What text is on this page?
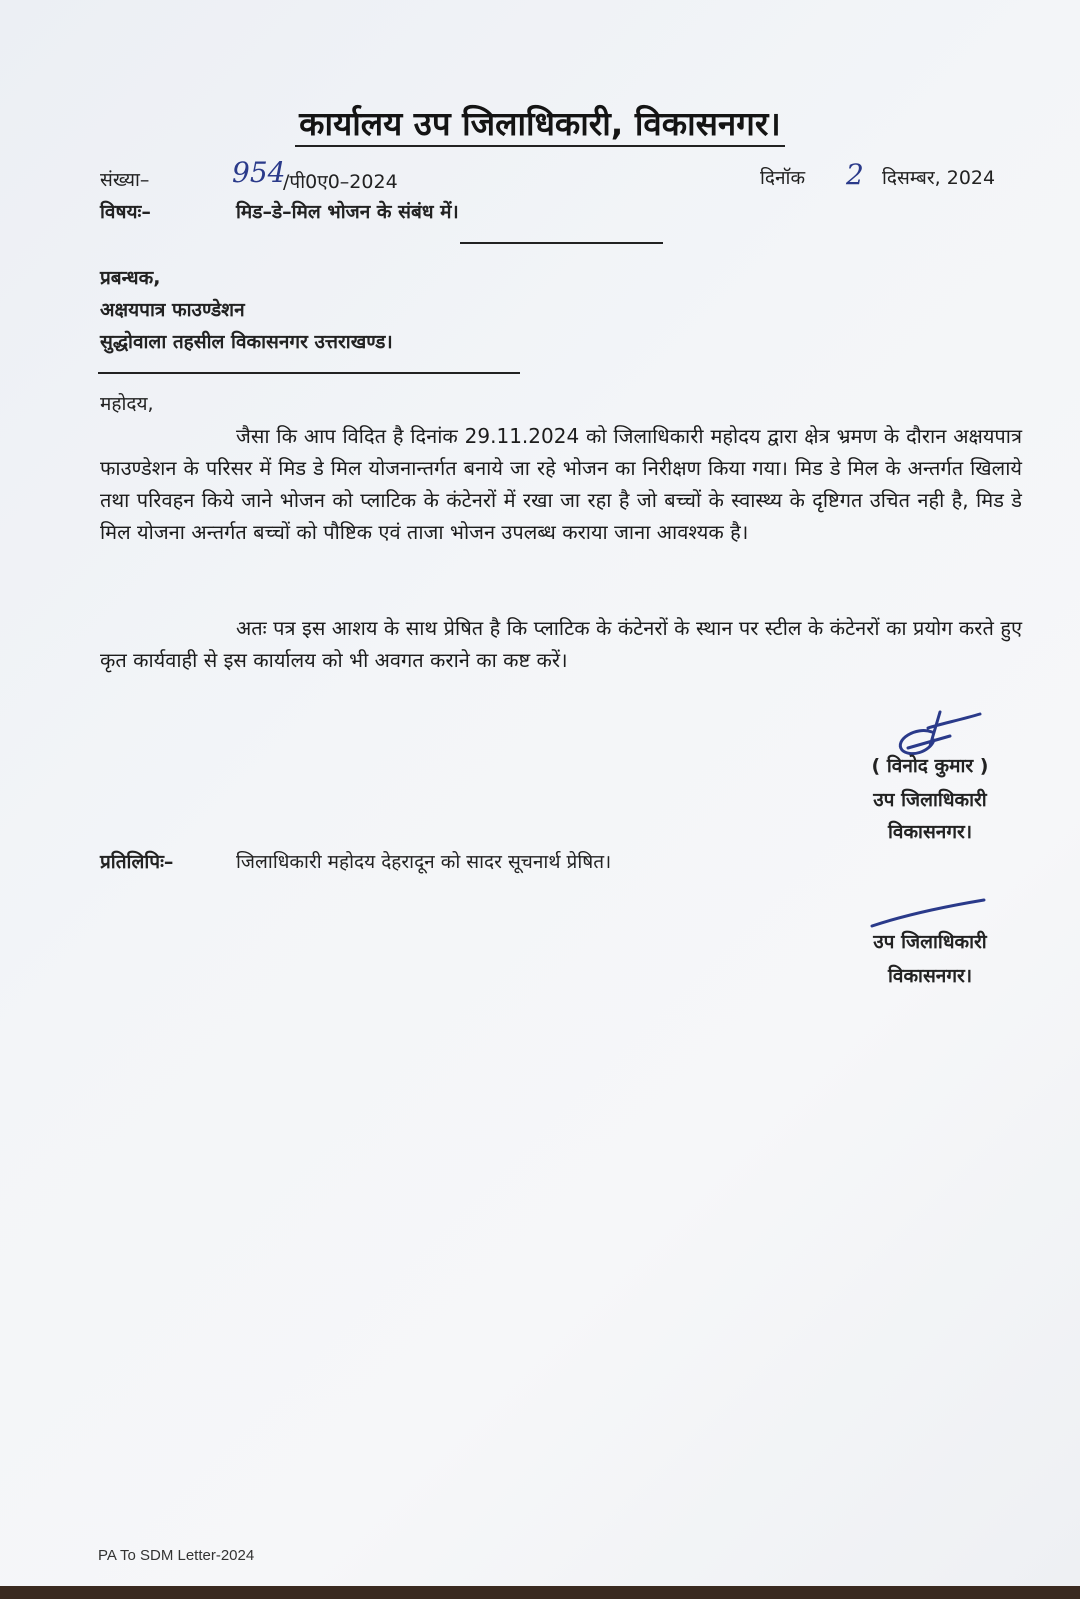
कार्यालय उप जिलाधिकारी, विकासनगर।
संख्या–	954
/पी0ए0–2024	दिनॉक 2 दिसम्बर, 2024
विषयः–	मिड–डे–मिल भोजन के संबंध में।
प्रबन्धक,
अक्षयपात्र फाउण्डेशन
सुद्धोवाला तहसील विकासनगर उत्तराखण्ड।
महोदय,

जैसा कि आप विदित है दिनांक 29.11.2024 को जिलाधिकारी महोदय द्वारा क्षेत्र भ्रमण के दौरान अक्षयपात्र फाउण्डेशन के परिसर में मिड डे मिल योजनान्तर्गत बनाये जा रहे भोजन का निरीक्षण किया गया। मिड डे मिल के अन्तर्गत खिलाये तथा परिवहन किये जाने भोजन को प्लाटिक के कंटेनरों में रखा जा रहा है जो बच्चों के स्वास्थ्य के दृष्टिगत उचित नही है, मिड डे मिल योजना अन्तर्गत बच्चों को पौष्टिक एवं ताजा भोजन उपलब्ध कराया जाना आवश्यक है।

अतः पत्र इस आशय के साथ प्रेषित है कि प्लाटिक के कंटेनरों के स्थान पर स्टील के कंटेनरों का प्रयोग करते हुए कृत कार्यवाही से इस कार्यालय को भी अवगत कराने का कष्ट करें।

( विनोद कुमार )
उप जिलाधिकारी
विकासनगर।
प्रतिलिपिः–	जिलाधिकारी महोदय देहरादून को सादर सूचनार्थ प्रेषित।
उप जिलाधिकारी
विकासनगर।
PA To SDM Letter-2024
